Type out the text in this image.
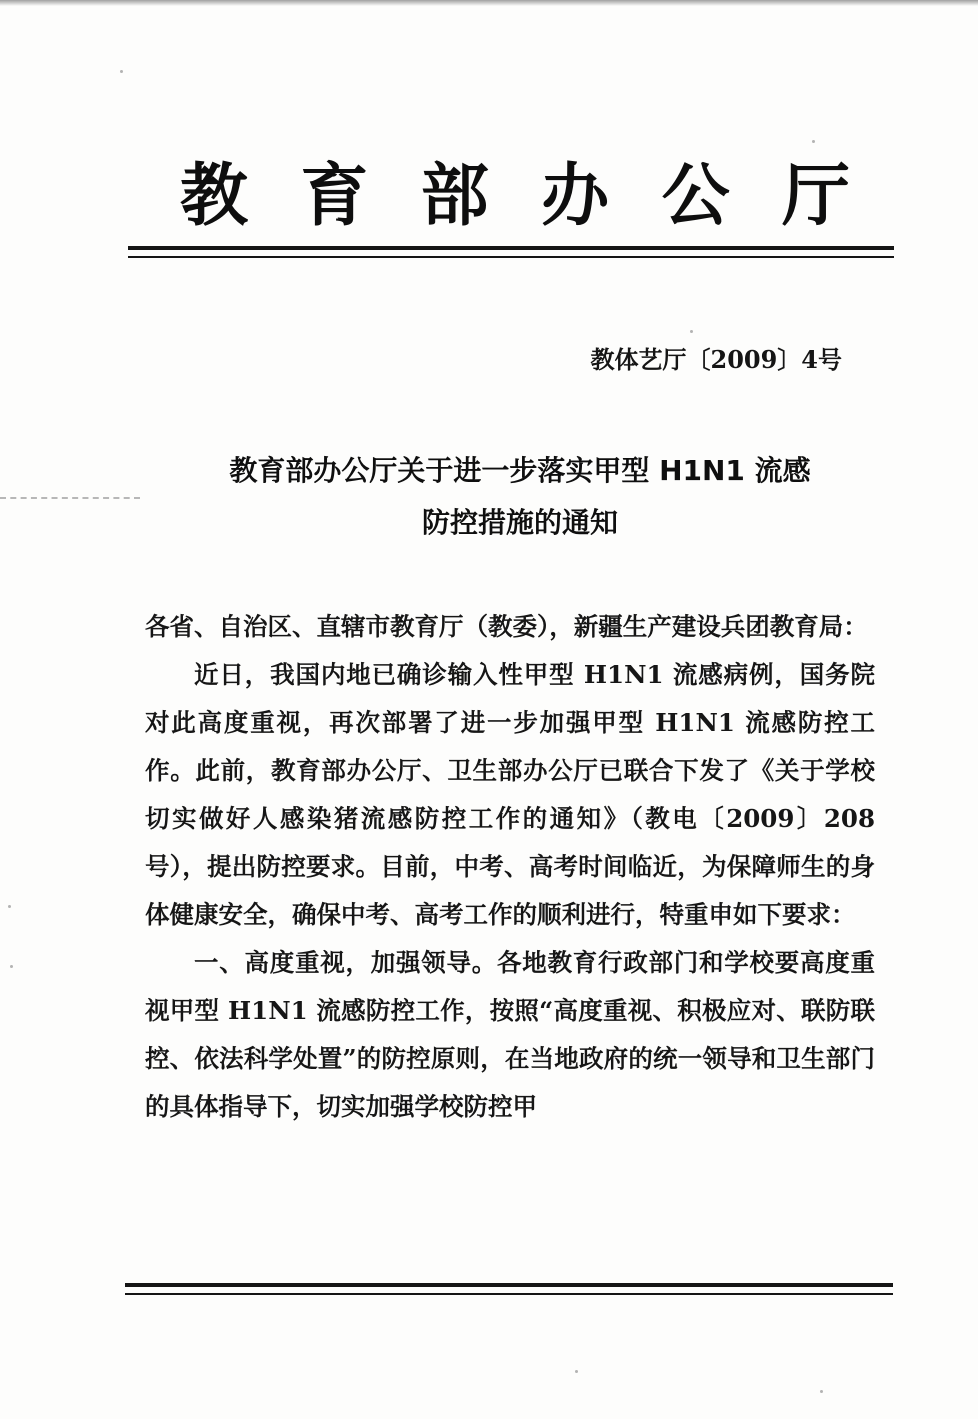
教 育 部 办 公 厅
教体艺厅〔2009〕4号
教育部办公厅关于进一步落实甲型 H1N1 流感
防控措施的通知

各省、自治区、直辖市教育厅（教委），新疆生产建设兵团教育局：

近日，我国内地已确诊输入性甲型 H1N1 流感病例，国务院对此高度重视，再次部署了进一步加强甲型 H1N1 流感防控工作。此前，教育部办公厅、卫生部办公厅已联合下发了《关于学校切实做好人感染猪流感防控工作的通知》（教电〔2009〕208 号），提出防控要求。目前，中考、高考时间临近，为保障师生的身体健康安全，确保中考、高考工作的顺利进行，特重申如下要求：

一、高度重视，加强领导。各地教育行政部门和学校要高度重视甲型 H1N1 流感防控工作，按照“高度重视、积极应对、联防联控、依法科学处置”的防控原则，在当地政府的统一领导和卫生部门的具体指导下，切实加强学校防控甲
